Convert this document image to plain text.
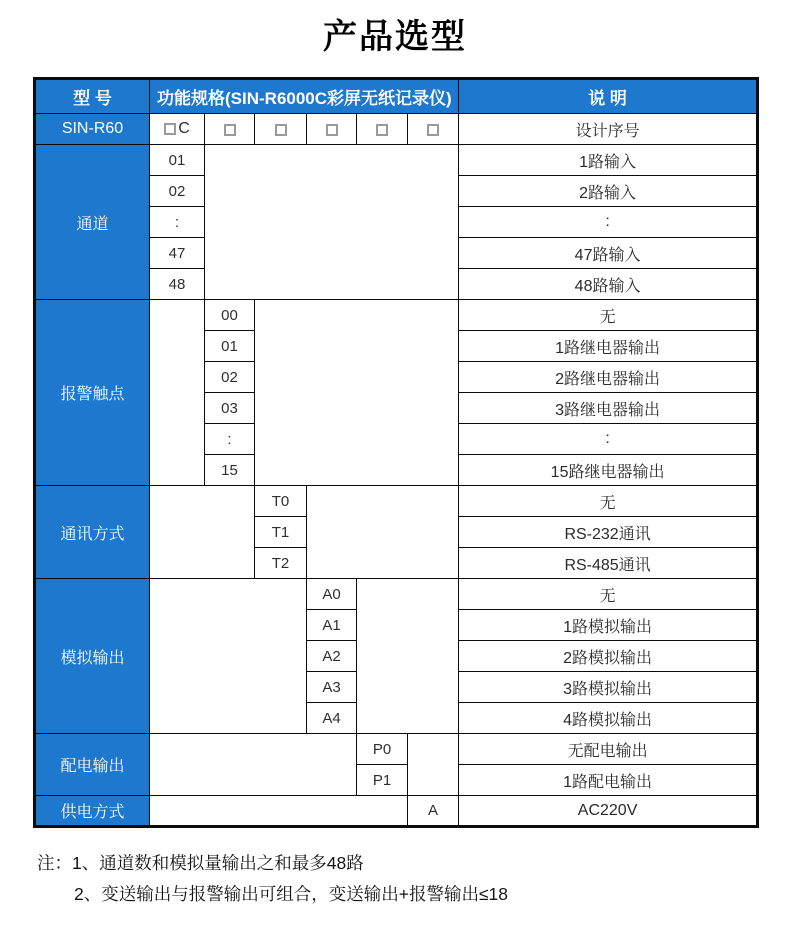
产品选型
型 号	功能规格(SIN-R6000C彩屏无纸记录仪)						说 明
SIN-R60	C						设计序号
通道	01						1路输入
	02						2路输入
	:						:
	47						47路输入
	48						48路输入
报警触点		00					无
		01					1路继电器输出
		02					2路继电器输出
		03					3路继电器输出
		:					:
		15					15路继电器输出
通讯方式			T0				无
			T1				RS-232通讯
			T2				RS-485通讯
模拟输出				A0			无
				A1			1路模拟输出
				A2			2路模拟输出
				A3			3路模拟输出
				A4			4路模拟输出
配电输出					P0		无配电输出
					P1		1路配电输出
供电方式						A	AC220V
注： 1、通道数和模拟量输出之和最多48路
2、变送输出与报警输出可组合，变送输出+报警输出≤18
